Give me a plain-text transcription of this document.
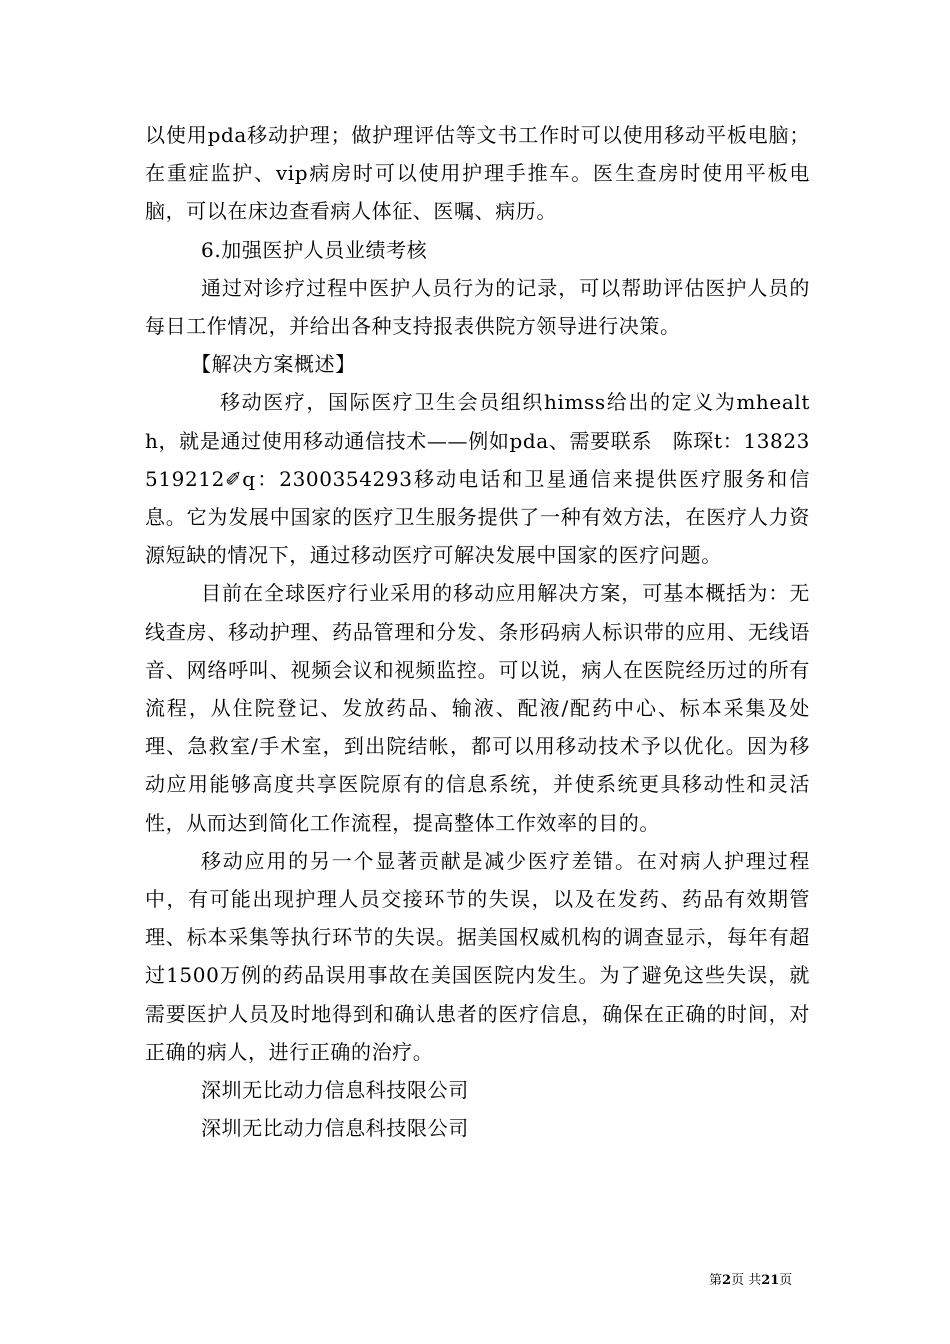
以使用pda移动护理；做护理评估等文书工作时可以使用移动平板电脑；在重症监护、vip病房时可以使用护理手推车。医生查房时使用平板电脑，可以在床边查看病人体征、医嘱、病历。

6.加强医护人员业绩考核

通过对诊疗过程中医护人员行为的记录，可以帮助评估医护人员的每日工作情况，并给出各种支持报表供院方领导进行决策。

【解决方案概述】

移动医疗，国际医疗卫生会员组织himss给出的定义为mhealth，就是通过使用移动通信技术——例如pda、需要联系　陈琛t：13823519212✐q：2300354293移动电话和卫星通信来提供医疗服务和信息。它为发展中国家的医疗卫生服务提供了一种有效方法，在医疗人力资源短缺的情况下，通过移动医疗可解决发展中国家的医疗问题。

目前在全球医疗行业采用的移动应用解决方案，可基本概括为：无线查房、移动护理、药品管理和分发、条形码病人标识带的应用、无线语音、网络呼叫、视频会议和视频监控。可以说，病人在医院经历过的所有流程，从住院登记、发放药品、输液、配液/配药中心、标本采集及处理、急救室/手术室，到出院结帐，都可以用移动技术予以优化。因为移动应用能够高度共享医院原有的信息系统，并使系统更具移动性和灵活性，从而达到简化工作流程，提高整体工作效率的目的。

移动应用的另一个显著贡献是减少医疗差错。在对病人护理过程中，有可能出现护理人员交接环节的失误，以及在发药、药品有效期管理、标本采集等执行环节的失误。据美国权威机构的调查显示，每年有超过1500万例的药品误用事故在美国医院内发生。为了避免这些失误，就需要医护人员及时地得到和确认患者的医疗信息，确保在正确的时间，对正确的病人，进行正确的治疗。

深圳无比动力信息科技限公司

深圳无比动力信息科技限公司

第2页 共21页
